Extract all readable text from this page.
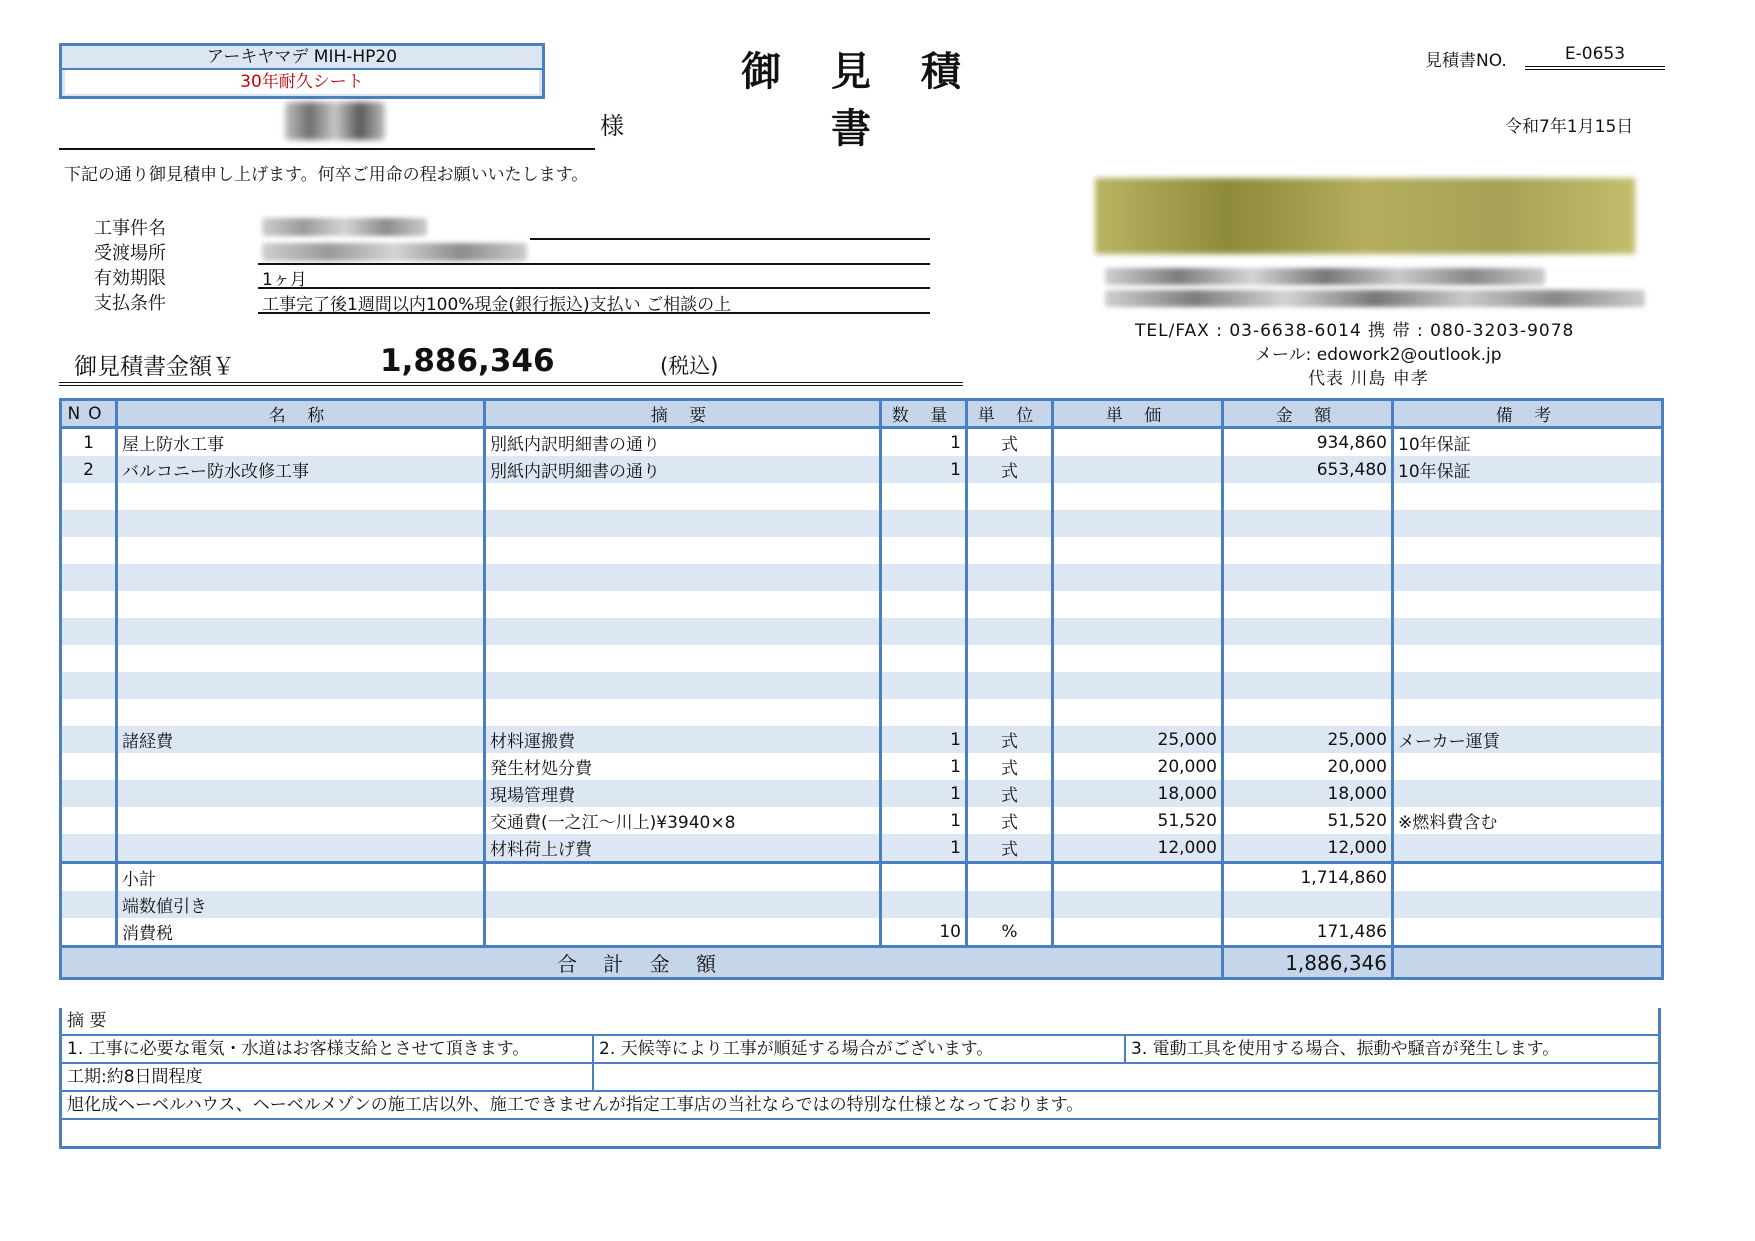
アーキヤマデ MIH-HP20
30年耐久シート	御 見 積 書
見積書NO.	E-0653
令和7年1月15日
様
下記の通り御見積申し上げます。何卒ご用命の程お願いいたします。
工事件名
受渡場所
有効期限	1ヶ月
支払条件	工事完了後1週間以内100%現金(銀行振込)支払い ご相談の上
御見積書金額￥	1,886,346	(税込)
TEL/FAX : 03-6638-6014 携 帯 : 080-3203-9078
メール: edowork2@outlook.jp
代表 川島 申孝
NO	名 称	摘 要	数 量	単 位	単 価	金 額	備 考
1	屋上防水工事	別紙内訳明細書の通り	1	式		934,860	10年保証
2	バルコニー防水改修工事	別紙内訳明細書の通り	1	式		653,480	10年保証

	諸経費	材料運搬費	1	式	25,000	25,000	メーカー運賃
		発生材処分費	1	式	20,000	20,000	
		現場管理費	1	式	18,000	18,000	
		交通費(一之江～川上)¥3940×8	1	式	51,520	51,520	※燃料費含む
		材料荷上げ費	1	式	12,000	12,000	
	小計					1,714,860	
	端数値引き						
	消費税		10	%		171,486	
合 計 金 額						1,886,346	
摘 要
1. 工事に必要な電気・水道はお客様支給とさせて頂きます。	2. 天候等により工事が順延する場合がございます。	3. 電動工具を使用する場合、振動や騒音が発生します。
工期:約8日間程度
旭化成ヘーベルハウス、ヘーベルメゾンの施工店以外、施工できませんが指定工事店の当社ならではの特別な仕様となっております。
